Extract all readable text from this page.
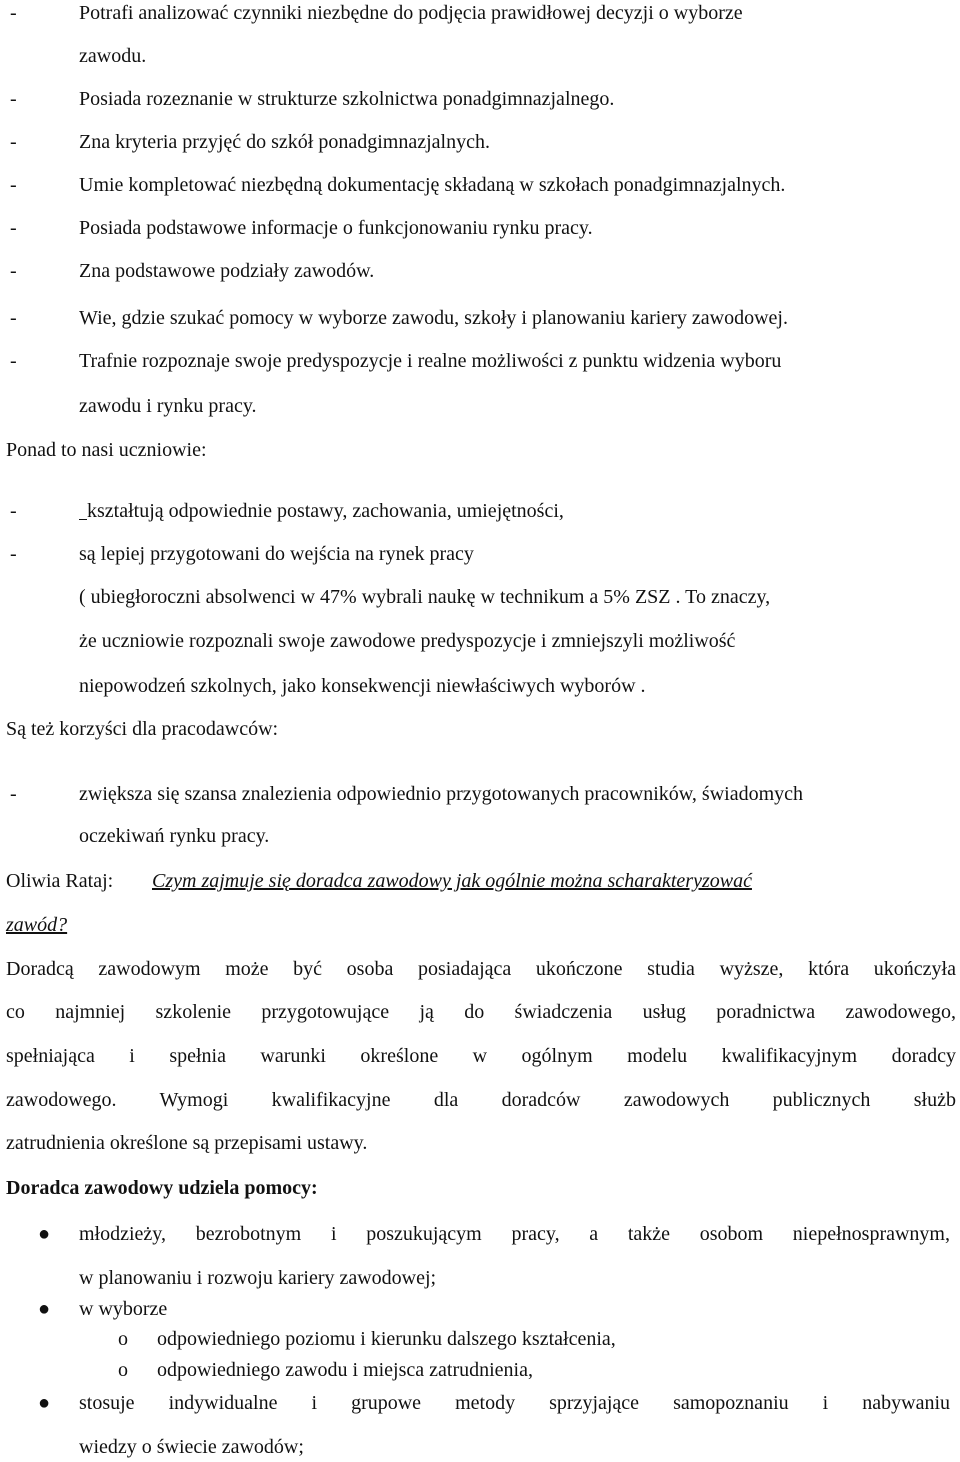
-	Potrafi analizować czynniki niezbędne do podjęcia prawidłowej decyzji o wyborze
zawodu.
-	Posiada rozeznanie w strukturze szkolnictwa ponadgimnazjalnego.
-	Zna kryteria przyjęć do szkół ponadgimnazjalnych.
-	Umie kompletować niezbędną dokumentację składaną w szkołach ponadgimnazjalnych.
-	Posiada podstawowe informacje o funkcjonowaniu rynku pracy.
-	Zna podstawowe podziały zawodów.
-	Wie, gdzie szukać pomocy w wyborze zawodu, szkoły i planowaniu kariery zawodowej.
-	Trafnie rozpoznaje swoje predyspozycje i realne możliwości z punktu widzenia wyboru
zawodu i rynku pracy.
Ponad to nasi uczniowie:
-	kształtują odpowiednie postawy, zachowania, umiejętności,
-	są lepiej przygotowani do wejścia na rynek pracy
( ubiegłoroczni absolwenci w 47% wybrali naukę w technikum a 5% ZSZ . To znaczy,
że uczniowie rozpoznali swoje zawodowe predyspozycje i zmniejszyli możliwość
niepowodzeń szkolnych, jako konsekwencji niewłaściwych wyborów .
Są też korzyści dla pracodawców:
-	zwiększa się szansa znalezienia odpowiednio przygotowanych pracowników, świadomych
oczekiwań rynku pracy.
Oliwia Rataj: Czym zajmuje się doradca zawodowy jak ogólnie można scharakteryzować
zawód?
Doradcą zawodowym może być osoba posiadająca ukończone studia wyższe, która ukończyła
co najmniej szkolenie przygotowujące ją do świadczenia usług poradnictwa zawodowego,
spełniająca i spełnia warunki określone w ogólnym modelu kwalifikacyjnym doradcy
zawodowego. Wymogi kwalifikacyjne dla doradców zawodowych publicznych służb
zatrudnienia określone są przepisami ustawy.
Doradca zawodowy udziela pomocy:
● młodzieży, bezrobotnym i poszukującym pracy, a także osobom niepełnosprawnym,
w planowaniu i rozwoju kariery zawodowej;
● w wyborze
o odpowiedniego poziomu i kierunku dalszego kształcenia,
o odpowiedniego zawodu i miejsca zatrudnienia,
● stosuje indywidualne i grupowe metody sprzyjające samopoznaniu i nabywaniu
wiedzy o świecie zawodów;
